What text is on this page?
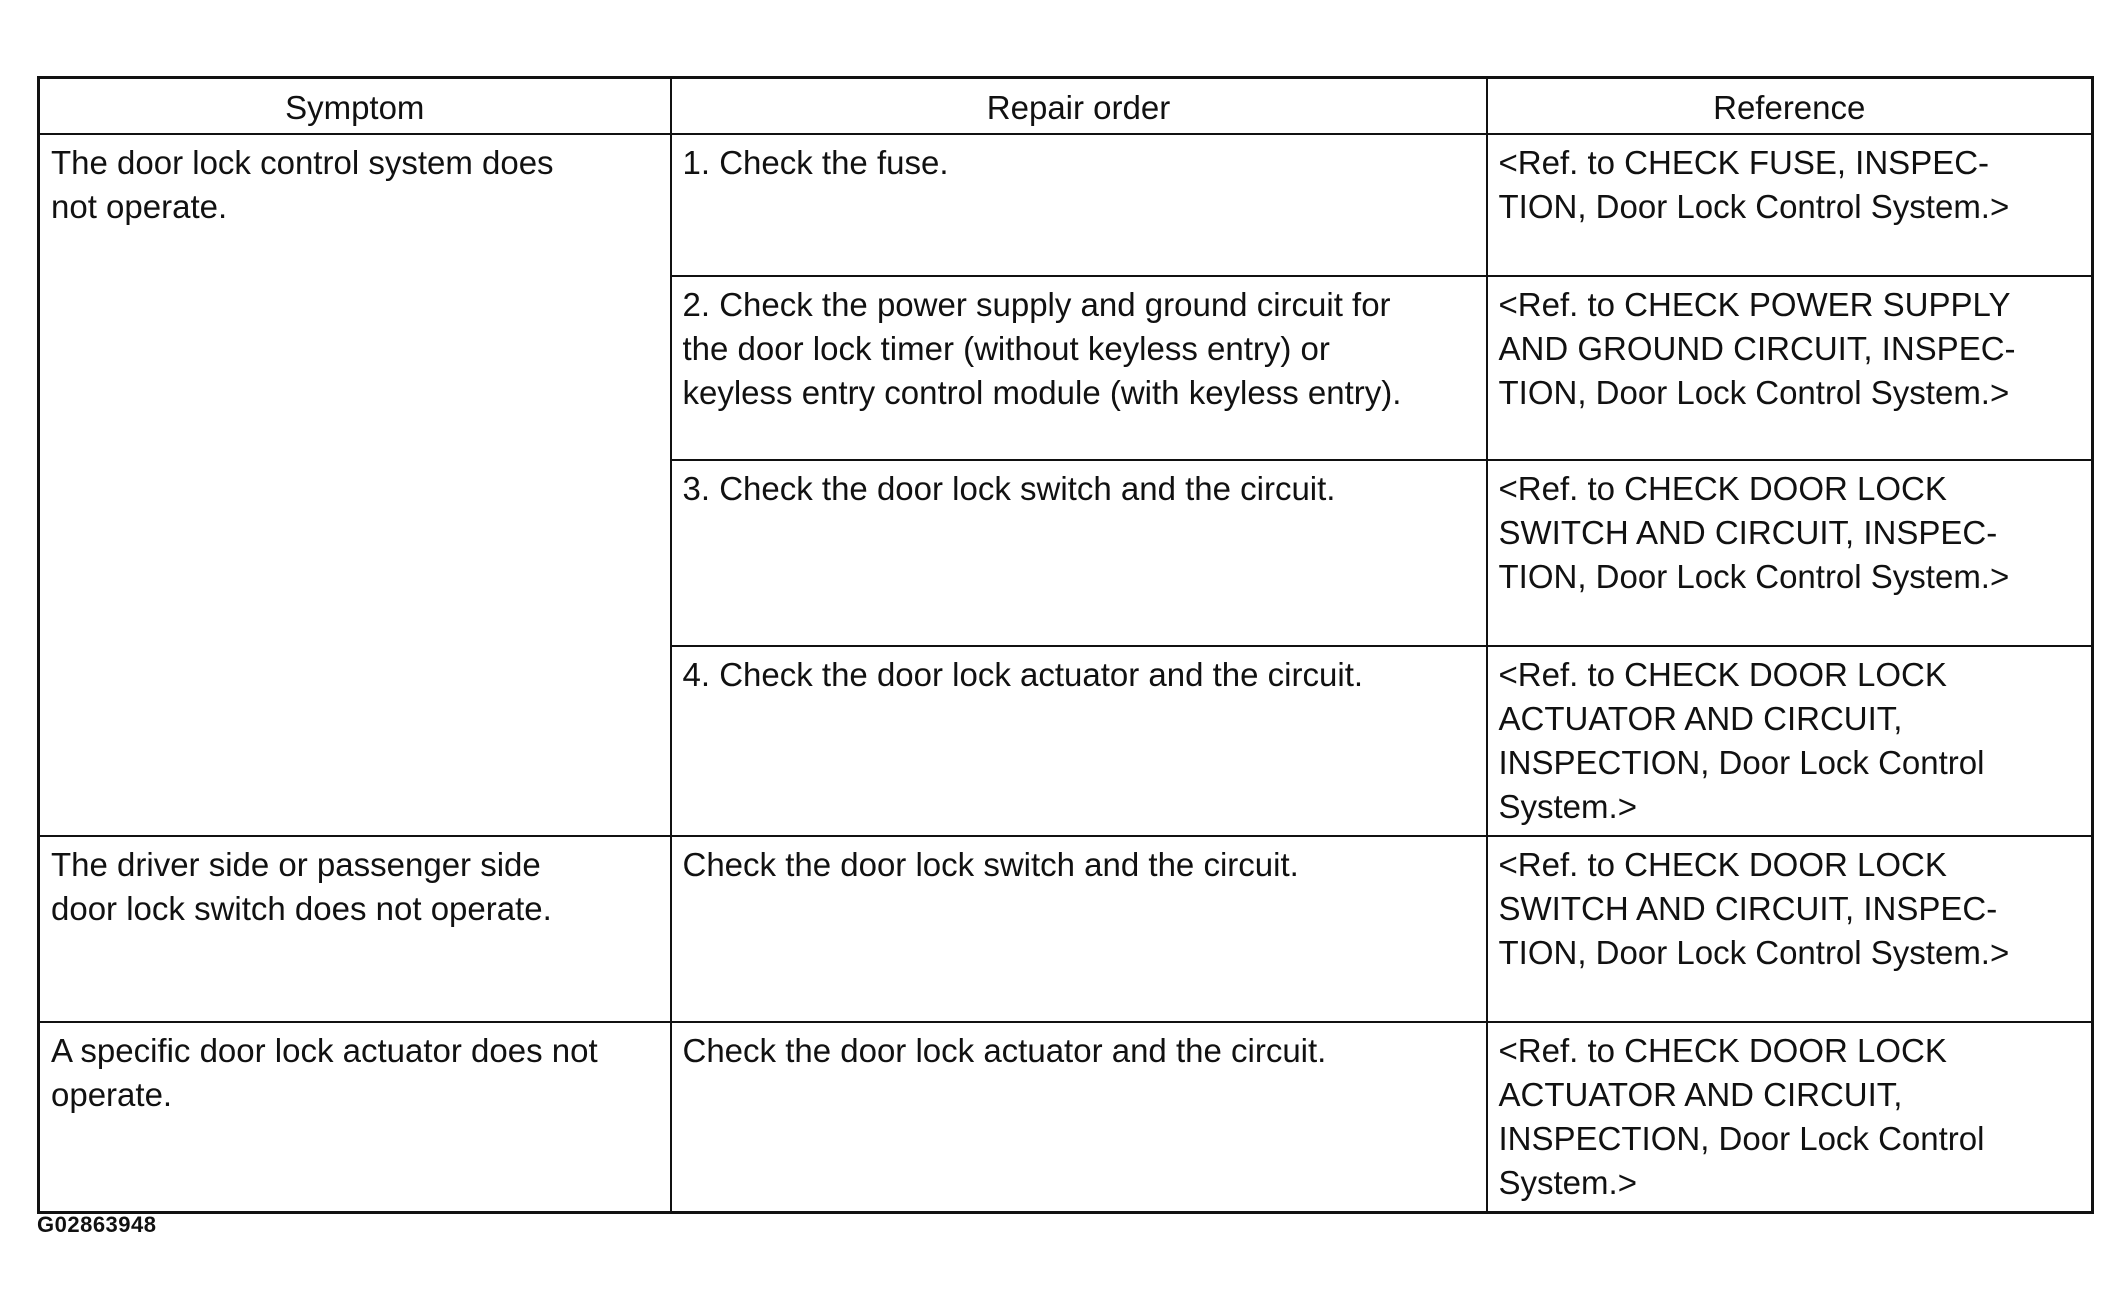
Symptom	Repair order	Reference
The door lock control system does
not operate.	1. Check the fuse.	<Ref. to CHECK FUSE, INSPEC-
TION, Door Lock Control System.>
	2. Check the power supply and ground circuit for
the door lock timer (without keyless entry) or
keyless entry control module (with keyless entry).	<Ref. to CHECK POWER SUPPLY
AND GROUND CIRCUIT, INSPEC-
TION, Door Lock Control System.>
	3. Check the door lock switch and the circuit.	<Ref. to CHECK DOOR LOCK
SWITCH AND CIRCUIT, INSPEC-
TION, Door Lock Control System.>
	4. Check the door lock actuator and the circuit.	<Ref. to CHECK DOOR LOCK
ACTUATOR AND CIRCUIT,
INSPECTION, Door Lock Control
System.>
The driver side or passenger side
door lock switch does not operate.	Check the door lock switch and the circuit.	<Ref. to CHECK DOOR LOCK
SWITCH AND CIRCUIT, INSPEC-
TION, Door Lock Control System.>
A specific door lock actuator does not
operate.	Check the door lock actuator and the circuit.	<Ref. to CHECK DOOR LOCK
ACTUATOR AND CIRCUIT,
INSPECTION, Door Lock Control
System.>
G02863948
